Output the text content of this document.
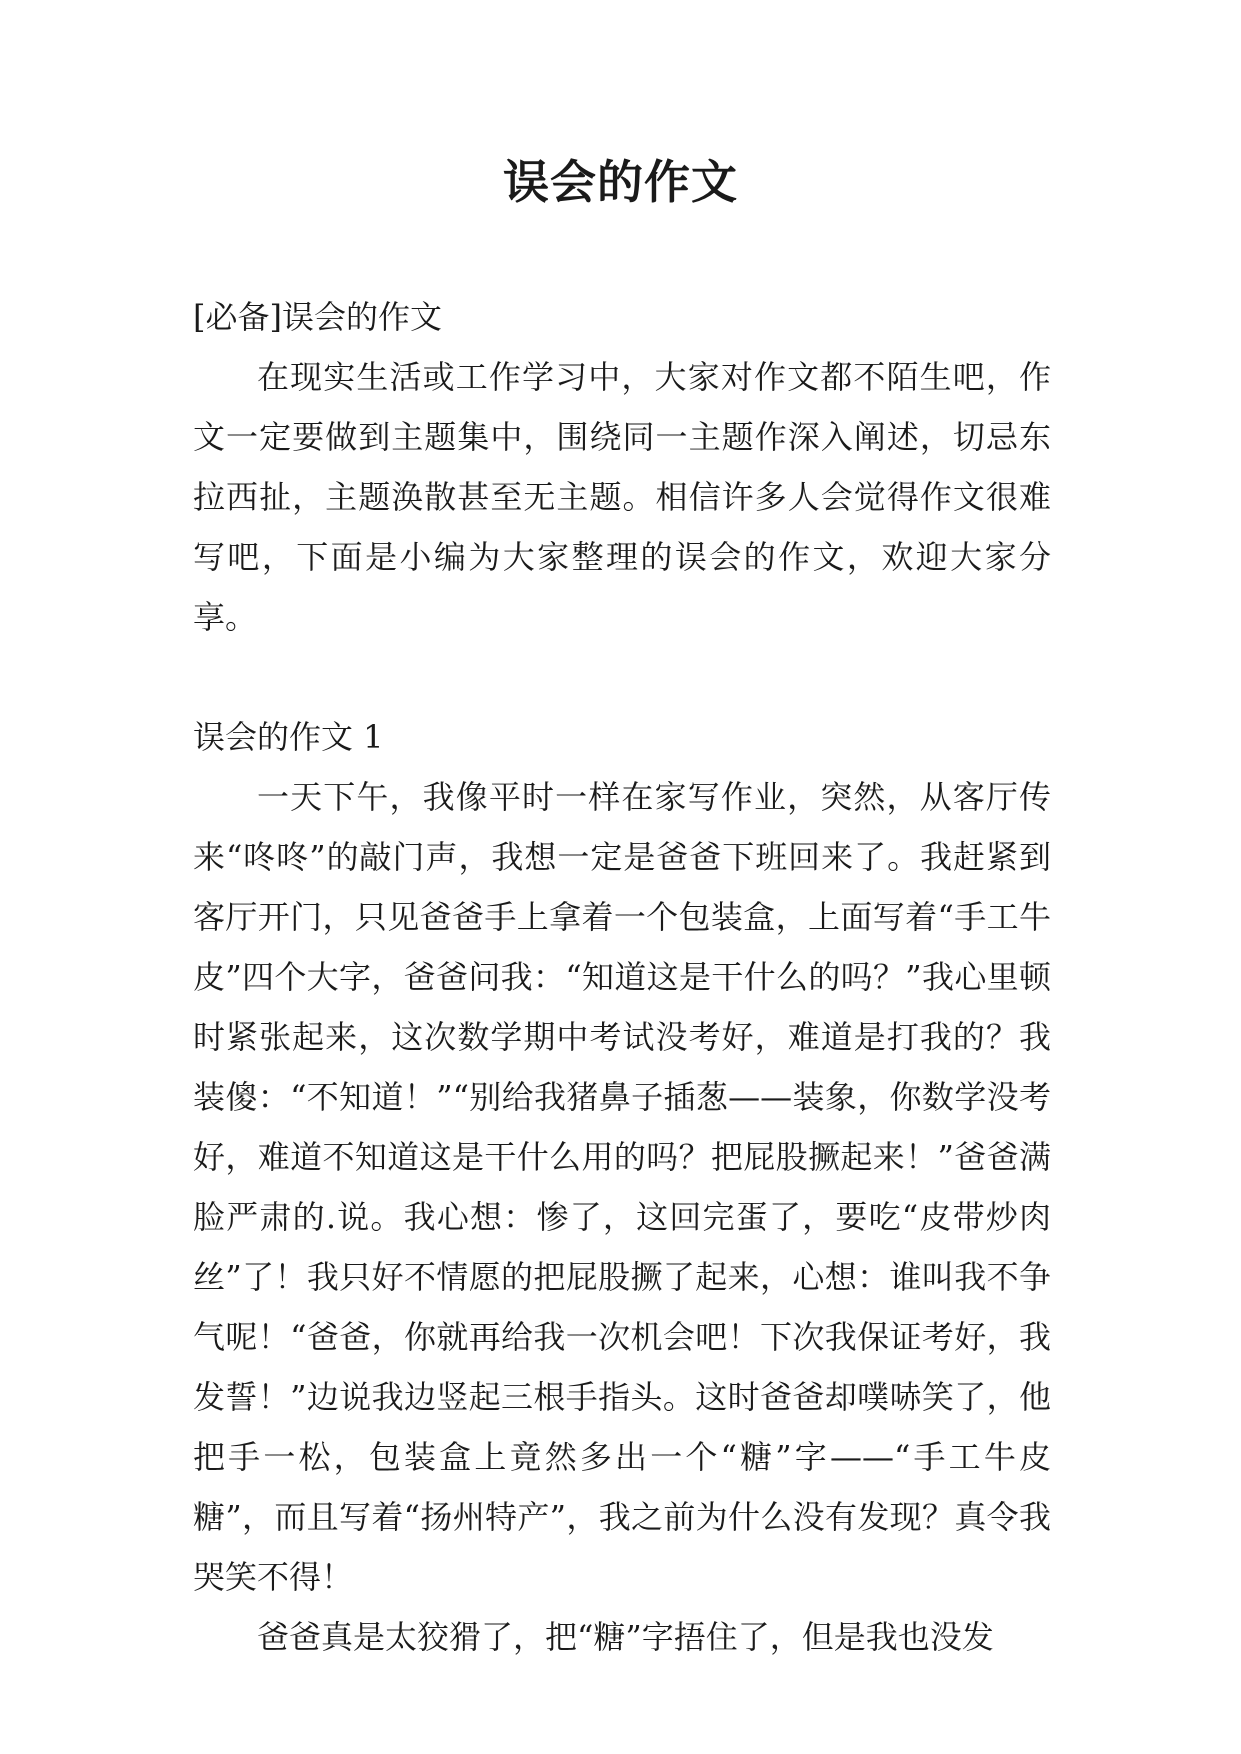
误会的作文

[必备]误会的作文

在现实生活或工作学习中，大家对作文都不陌生吧，作文一定要做到主题集中，围绕同一主题作深入阐述，切忌东拉西扯，主题涣散甚至无主题。相信许多人会觉得作文很难写吧，下面是小编为大家整理的误会的作文，欢迎大家分享。

误会的作文 1

一天下午，我像平时一样在家写作业，突然，从客厅传来“咚咚”的敲门声，我想一定是爸爸下班回来了。我赶紧到客厅开门，只见爸爸手上拿着一个包装盒，上面写着“手工牛皮”四个大字，爸爸问我：“知道这是干什么的吗？”我心里顿时紧张起来，这次数学期中考试没考好，难道是打我的？我装傻：“不知道！”“别给我猪鼻子插葱——装象，你数学没考好，难道不知道这是干什么用的吗？把屁股撅起来！”爸爸满脸严肃的.说。我心想：惨了，这回完蛋了，要吃“皮带炒肉丝”了！我只好不情愿的把屁股撅了起来，心想：谁叫我不争气呢！“爸爸，你就再给我一次机会吧！下次我保证考好，我发誓！”边说我边竖起三根手指头。这时爸爸却噗哧笑了，他把手一松，包装盒上竟然多出一个“糖”字——“手工牛皮糖”，而且写着“扬州特产”，我之前为什么没有发现？真令我哭笑不得！

爸爸真是太狡猾了，把“糖”字捂住了，但是我也没发
